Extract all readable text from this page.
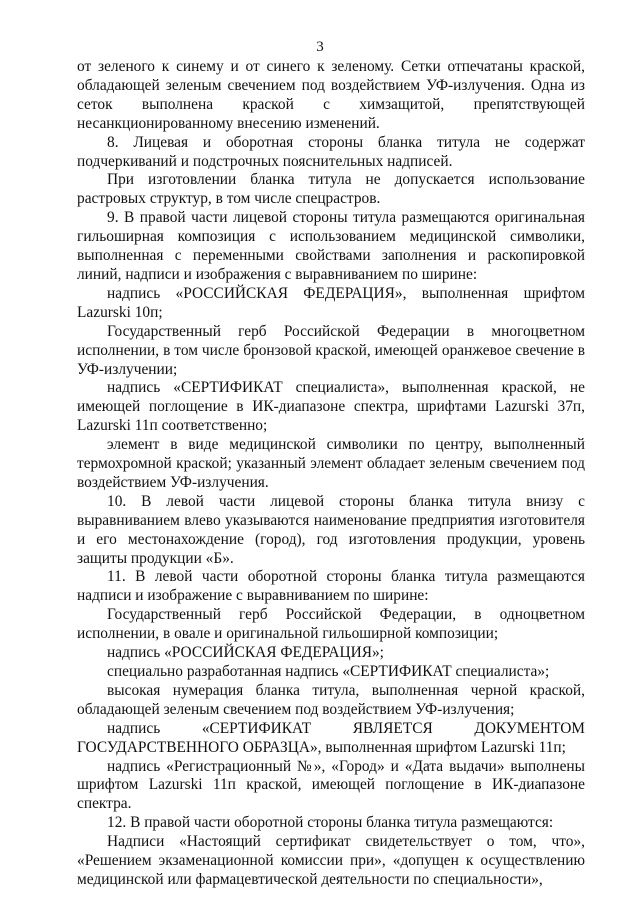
3

от зеленого к синему и от синего к зеленому. Сетки отпечатаны краской, обладающей зеленым свечением под воздействием УФ-излучения. Одна из сеток выполнена краской с химзащитой, препятствующей несанкционированному внесению изменений.

8. Лицевая и оборотная стороны бланка титула не содержат подчеркиваний и подстрочных пояснительных надписей.

При изготовлении бланка титула не допускается использование растровых структур, в том числе спецрастров.

9. В правой части лицевой стороны титула размещаются оригинальная гильоширная композиция с использованием медицинской символики, выполненная с переменными свойствами заполнения и раскопировкой линий, надписи и изображения с выравниванием по ширине:

надпись «РОССИЙСКАЯ ФЕДЕРАЦИЯ», выполненная шрифтом Lazurski 10п;

Государственный герб Российской Федерации в многоцветном исполнении, в том числе бронзовой краской, имеющей оранжевое свечение в УФ-излучении;

надпись «СЕРТИФИКАТ специалиста», выполненная краской, не имеющей поглощение в ИК-диапазоне спектра, шрифтами Lazurski 37п, Lazurski 11п соответственно;

элемент в виде медицинской символики по центру, выполненный термохромной краской; указанный элемент обладает зеленым свечением под воздействием УФ-излучения.

10. В левой части лицевой стороны бланка титула внизу с выравниванием влево указываются наименование предприятия изготовителя и его местонахождение (город), год изготовления продукции, уровень защиты продукции «Б».

11. В левой части оборотной стороны бланка титула размещаются надписи и изображение с выравниванием по ширине:

Государственный герб Российской Федерации, в одноцветном исполнении, в овале и оригинальной гильоширной композиции;

надпись «РОССИЙСКАЯ ФЕДЕРАЦИЯ»;

специально разработанная надпись «СЕРТИФИКАТ специалиста»;

высокая нумерация бланка титула, выполненная черной краской, обладающей зеленым свечением под воздействием УФ-излучения;

надпись «СЕРТИФИКАТ ЯВЛЯЕТСЯ ДОКУМЕНТОМ ГОСУДАРСТВЕННОГО ОБРАЗЦА», выполненная шрифтом Lazurski 11п;

надпись «Регистрационный №», «Город» и «Дата выдачи» выполнены шрифтом Lazurski 11п краской, имеющей поглощение в ИК-диапазоне спектра.

12. В правой части оборотной стороны бланка титула размещаются:

Надписи «Настоящий сертификат свидетельствует о том, что», «Решением экзаменационной комиссии при», «допущен к осуществлению медицинской или фармацевтической деятельности по специальности»,
